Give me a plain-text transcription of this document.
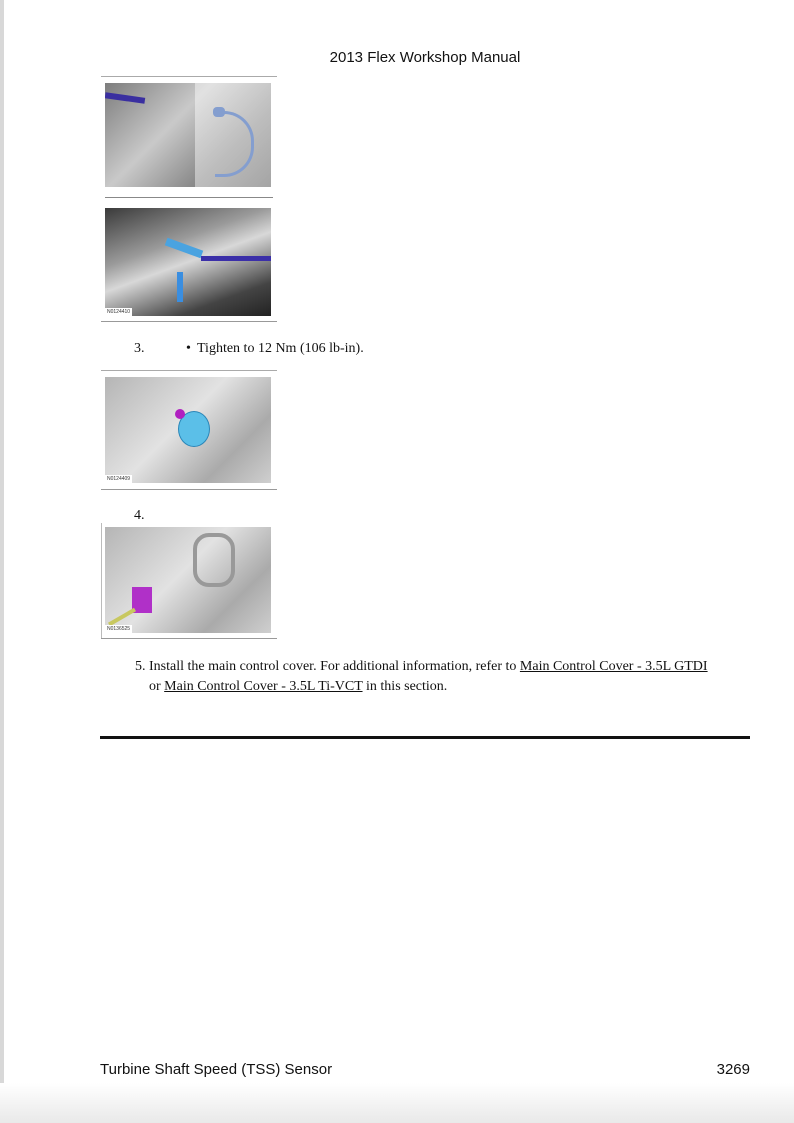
2013 Flex Workshop Manual
N0124410
3.	• Tighten to 12 Nm (106 lb-in).
N0124409
4.
N0136525
5. Install the main control cover. For additional information, refer to Main Control Cover - 3.5L GTDI
or Main Control Cover - 3.5L Ti-VCT in this section.
Turbine Shaft Speed (TSS) Sensor	3269
